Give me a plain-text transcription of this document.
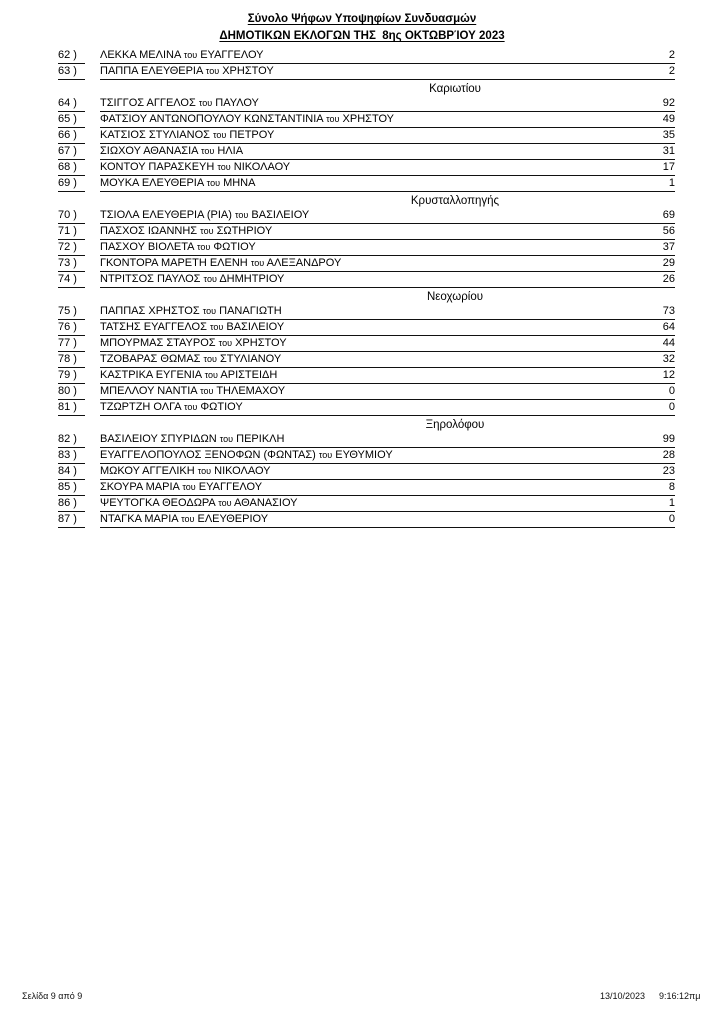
Σύνολο Ψήφων Υποψηφίων Συνδυασμών
ΔΗΜΟΤΙΚΩΝ ΕΚΛΟΓΩΝ ΤΗΣ  8ης ΟΚΤΩΒΡΊΟΥ 2023
62 )	ΛΕΚΚΑ ΜΕΛΙΝΑ του ΕΥΑΓΓΕΛΟΥ	2
63 )	ΠΑΠΠΑ ΕΛΕΥΘΕΡΙΑ του ΧΡΗΣΤΟΥ	2
Καριωτίου
64 )	ΤΣΙΓΓΟΣ ΑΓΓΕΛΟΣ του ΠΑΥΛΟΥ	92
65 )	ΦΑΤΣΙΟΥ ΑΝΤΩΝΟΠΟΥΛΟΥ ΚΩΝΣΤΑΝΤΙΝΙΑ του ΧΡΗΣΤΟΥ	49
66 )	ΚΑΤΣΙΟΣ ΣΤΥΛΙΑΝΟΣ του ΠΕΤΡΟΥ	35
67 )	ΣΙΩΧΟΥ ΑΘΑΝΑΣΙΑ του ΗΛΙΑ	31
68 )	ΚΟΝΤΟΥ ΠΑΡΑΣΚΕΥΗ του ΝΙΚΟΛΑΟΥ	17
69 )	ΜΟΥΚΑ ΕΛΕΥΘΕΡΙΑ του ΜΗΝΑ	1
Κρυσταλλοπηγής
70 )	ΤΣΙΟΛΑ ΕΛΕΥΘΕΡΙΑ (ΡΙΑ) του ΒΑΣΙΛΕΙΟΥ	69
71 )	ΠΑΣΧΟΣ ΙΩΑΝΝΗΣ του ΣΩΤΗΡΙΟΥ	56
72 )	ΠΑΣΧΟΥ ΒΙΟΛΕΤΑ του ΦΩΤΙΟΥ	37
73 )	ΓΚΟΝΤΟΡΑ ΜΑΡΕΤΗ ΕΛΕΝΗ του ΑΛΕΞΑΝΔΡΟΥ	29
74 )	ΝΤΡΙΤΣΟΣ ΠΑΥΛΟΣ του ΔΗΜΗΤΡΙΟΥ	26
Νεοχωρίου
75 )	ΠΑΠΠΑΣ ΧΡΗΣΤΟΣ του ΠΑΝΑΓΙΩΤΗ	73
76 )	ΤΑΤΣΗΣ ΕΥΑΓΓΕΛΟΣ του ΒΑΣΙΛΕΙΟΥ	64
77 )	ΜΠΟΥΡΜΑΣ ΣΤΑΥΡΟΣ του ΧΡΗΣΤΟΥ	44
78 )	ΤΖΟΒΑΡΑΣ ΘΩΜΑΣ του ΣΤΥΛΙΑΝΟΥ	32
79 )	ΚΑΣΤΡΙΚΑ ΕΥΓΕΝΙΑ του ΑΡΙΣΤΕΙΔΗ	12
80 )	ΜΠΕΛΛΟΥ ΝΑΝΤΙΑ του ΤΗΛΕΜΑΧΟΥ	0
81 )	ΤΖΩΡΤΖΗ ΟΛΓΑ του ΦΩΤΙΟΥ	0
Ξηρολόφου
82 )	ΒΑΣΙΛΕΙΟΥ ΣΠΥΡΙΔΩΝ του ΠΕΡΙΚΛΗ	99
83 )	ΕΥΑΓΓΕΛΟΠΟΥΛΟΣ ΞΕΝΟΦΩΝ (ΦΩΝΤΑΣ) του ΕΥΘΥΜΙΟΥ	28
84 )	ΜΩΚΟΥ ΑΓΓΕΛΙΚΗ του ΝΙΚΟΛΑΟΥ	23
85 )	ΣΚΟΥΡΑ ΜΑΡΙΑ του ΕΥΑΓΓΕΛΟΥ	8
86 )	ΨΕΥΤΟΓΚΑ ΘΕΟΔΩΡΑ του ΑΘΑΝΑΣΙΟΥ	1
87 )	ΝΤΑΓΚΑ ΜΑΡΙΑ του ΕΛΕΥΘΕΡΙΟΥ	0
Σελίδα 9 από 9	13/10/2023 9:16:12πμ
